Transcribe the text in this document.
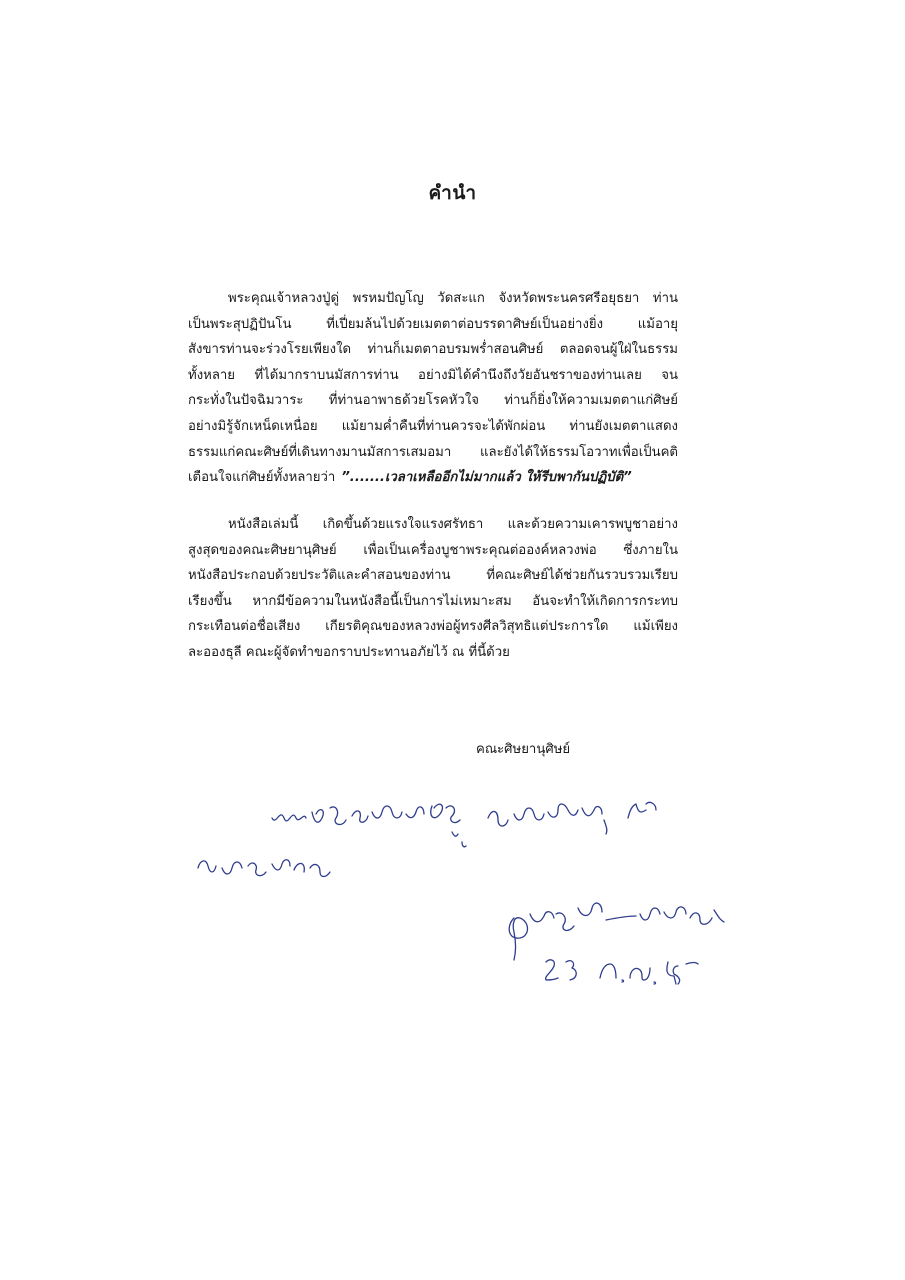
คำนำ
พระคุณเจ้าหลวงปู่ดู่ พรหมปัญโญ วัดสะแก จังหวัดพระนครศรีอยุธยา ท่าน
เป็นพระสุปฏิปันโน	ที่เปี่ยมล้นไปด้วยเมตตาต่อบรรดาศิษย์เป็นอย่างยิ่ง	แม้อายุ
สังขารท่านจะร่วงโรยเพียงใด ท่านก็เมตตาอบรมพร่ำสอนศิษย์ ตลอดจนผู้ใฝ่ในธรรม
ทั้งหลาย ที่ได้มากราบนมัสการท่าน อย่างมิได้คำนึงถึงวัยอันชราของท่านเลย จน
กระทั่งในปัจฉิมวาระ ที่ท่านอาพาธด้วยโรคหัวใจ ท่านก็ยิ่งให้ความเมตตาแก่ศิษย์
อย่างมิรู้จักเหน็ดเหนื่อย แม้ยามค่ำคืนที่ท่านควรจะได้พักผ่อน ท่านยังเมตตาแสดง
ธรรมแก่คณะศิษย์ที่เดินทางมานมัสการเสมอมา และยังได้ให้ธรรมโอวาทเพื่อเป็นคติ
เตือนใจแก่ศิษย์ทั้งหลายว่า ”.......เวลาเหลืออีกไม่มากแล้ว ให้รีบพากันปฏิบัติ”
หนังสือเล่มนี้ เกิดขึ้นด้วยแรงใจแรงศรัทธา และด้วยความเคารพบูชาอย่าง
สูงสุดของคณะศิษยานุศิษย์ เพื่อเป็นเครื่องบูชาพระคุณต่อองค์หลวงพ่อ ซึ่งภายใน
หนังสือประกอบด้วยประวัติและคำสอนของท่าน	ที่คณะศิษย์ได้ช่วยกันรวบรวมเรียบ
เรียงขึ้น หากมีข้อความในหนังสือนี้เป็นการไม่เหมาะสม อันจะทำให้เกิดการกระทบ
กระเทือนต่อชื่อเสียง เกียรติคุณของหลวงพ่อผู้ทรงศีลวิสุทธิแต่ประการใด แม้เพียง
ละอองธุลี คณะผู้จัดทำขอกราบประทานอภัยไว้ ณ ที่นี้ด้วย
คณะศิษยานุศิษย์
